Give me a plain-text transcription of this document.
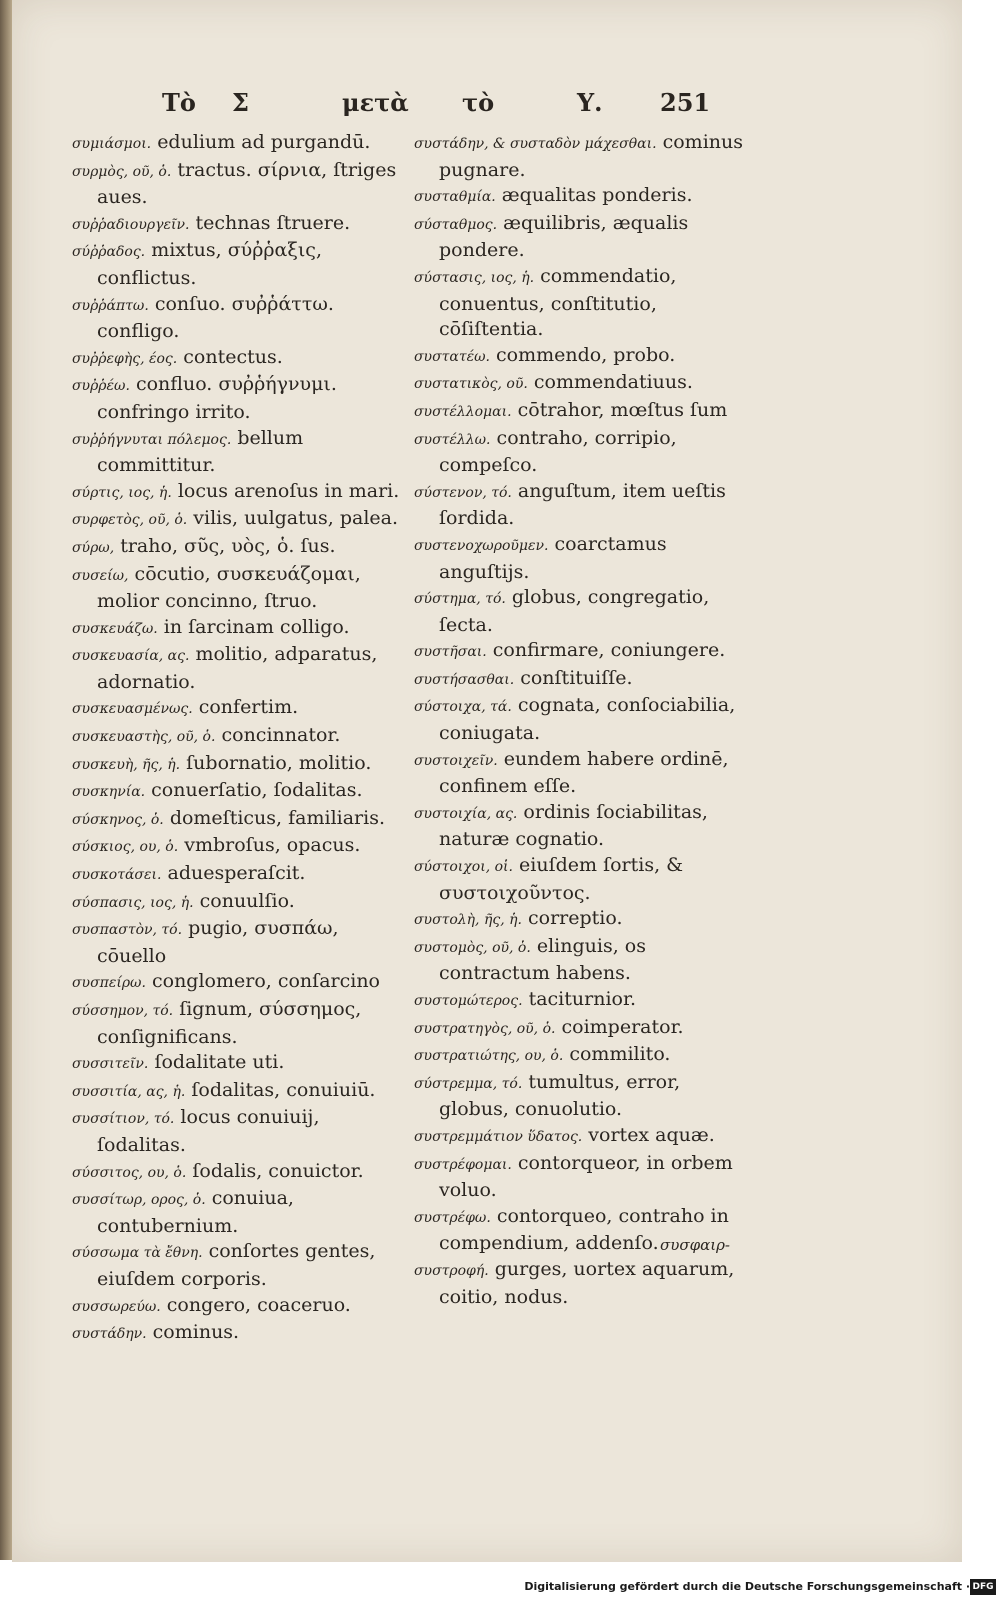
Τὸ Σ	μετὰ τὸ	Υ. 251

συμιάσμοι. edulium ad purgandū.

συρμὸς, οῦ, ὁ. tractus. σίρνια, ſtriges aues.

συῤῥαδιουργεῖν. technas ſtruere.

σύῤῥαδος. mixtus, σύῤῥαξις, conflictus.

συῤῥάπτω. conſuo. συῤῥάττω. confligo.

συῤῥεφὴς, έος. contectus.

συῤῥέω. confluo. συῤῥήγνυμι. confringo irrito.

συῤῥήγνυται πόλεμος. bellum committitur.

σύρτις, ιος, ἡ. locus arenoſus in mari.

συρφετὸς, οῦ, ὁ. vilis, uulgatus, palea.

σύρω, traho, σῦς, υὸς, ὁ. ſus.

συσείω, cōcutio, συσκευάζομαι, molior concinno, ſtruo.

συσκευάζω. in ſarcinam colligo.

συσκευασία, ας. molitio, adparatus, adornatio.

συσκευασμένως. confertim.

συσκευαστὴς, οῦ, ὁ. concinnator.

συσκευὴ, ῆς, ἡ. ſubornatio, molitio.

συσκηνία. conuerſatio, ſodalitas.

σύσκηνος, ὁ. domeſticus, familiaris.

σύσκιος, ου, ὁ. vmbroſus, opacus.

συσκοτάσει. aduesperaſcit.

σύσπασις, ιος, ἡ. conuulſio.

συσπαστὸν, τό. pugio, συσπάω, cōuello

συσπείρω. conglomero, conſarcino

σύσσημον, τό. ſignum, σύσσημος, conſignificans.

συσσιτεῖν. ſodalitate uti.

συσσιτία, ας, ἡ. ſodalitas, conuiuiū.

συσσίτιον, τό. locus conuiuij, ſodalitas.

σύσσιτος, ου, ὁ. ſodalis, conuictor.

συσσίτωρ, ορος, ὁ. conuiua, contubernium.

σύσσωμα τὰ ἔθνη. conſortes gentes, eiuſdem corporis.

συσσωρεύω. congero, coaceruo.

συστάδην. cominus.

συστάδην, & συσταδὸν μάχεσθαι. cominus pugnare.

συσταθμία. æqualitas ponderis.

σύσταθμος. æquilibris, æqualis pondere.

σύστασις, ιος, ἡ. commendatio, conuentus, conſtitutio, cōſiſtentia.

συστατέω. commendo, probo.

συστατικὸς, οῦ. commendatiuus.

συστέλλομαι. cōtrahor, mœſtus ſum

συστέλλω. contraho, corripio, compeſco.

σύστενον, τό. anguſtum, item ueſtis ſordida.

συστενοχωροῦμεν. coarctamus anguſtijs.

σύστημα, τό. globus, congregatio, ſecta.

συστῆσαι. confirmare, coniungere.

συστήσασθαι. conſtituiſſe.

σύστοιχα, τά. cognata, conſociabilia, coniugata.

συστοιχεῖν. eundem habere ordinē, confinem eſſe.

συστοιχία, ας. ordinis ſociabilitas, naturæ cognatio.

σύστοιχοι, οἱ. eiuſdem ſortis, & συστοιχοῦντος.

συστολὴ, ῆς, ἡ. correptio.

συστομὸς, οῦ, ὁ. elinguis, os contractum habens.

συστομώτερος. taciturnior.

συστρατηγὸς, οῦ, ὁ. coimperator.

συστρατιώτης, ου, ὁ. commilito.

σύστρεμμα, τό. tumultus, error, globus, conuolutio.

συστρεμμάτιον ὕδατος. vortex aquæ.

συστρέφομαι. contorqueor, in orbem voluo.

συστρέφω. contorqueo, contraho in compendium, addenſo.

συστροφή. gurges, uortex aquarum, coitio, nodus.

συσφαιρ-
Digitalisierung gefördert durch die Deutsche Forschungsgemeinschaft · DFG
